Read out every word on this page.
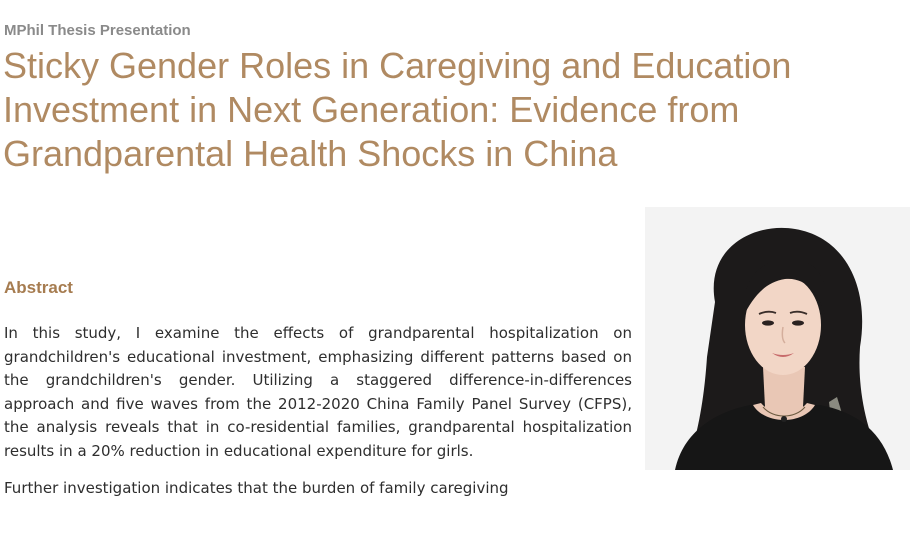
MPhil Thesis Presentation
Sticky Gender Roles in Caregiving and Education Investment in Next Generation: Evidence from Grandparental Health Shocks in China
Abstract

In this study, I examine the effects of grandparental hospitalization on grandchildren's educational investment, emphasizing different patterns based on the grandchildren's gender. Utilizing a staggered difference-in-differences approach and five waves from the 2012-2020 China Family Panel Survey (CFPS), the analysis reveals that in co-residential families, grandparental hospitalization results in a 20% reduction in educational expenditure for girls.

Further investigation indicates that the burden of family caregiving
